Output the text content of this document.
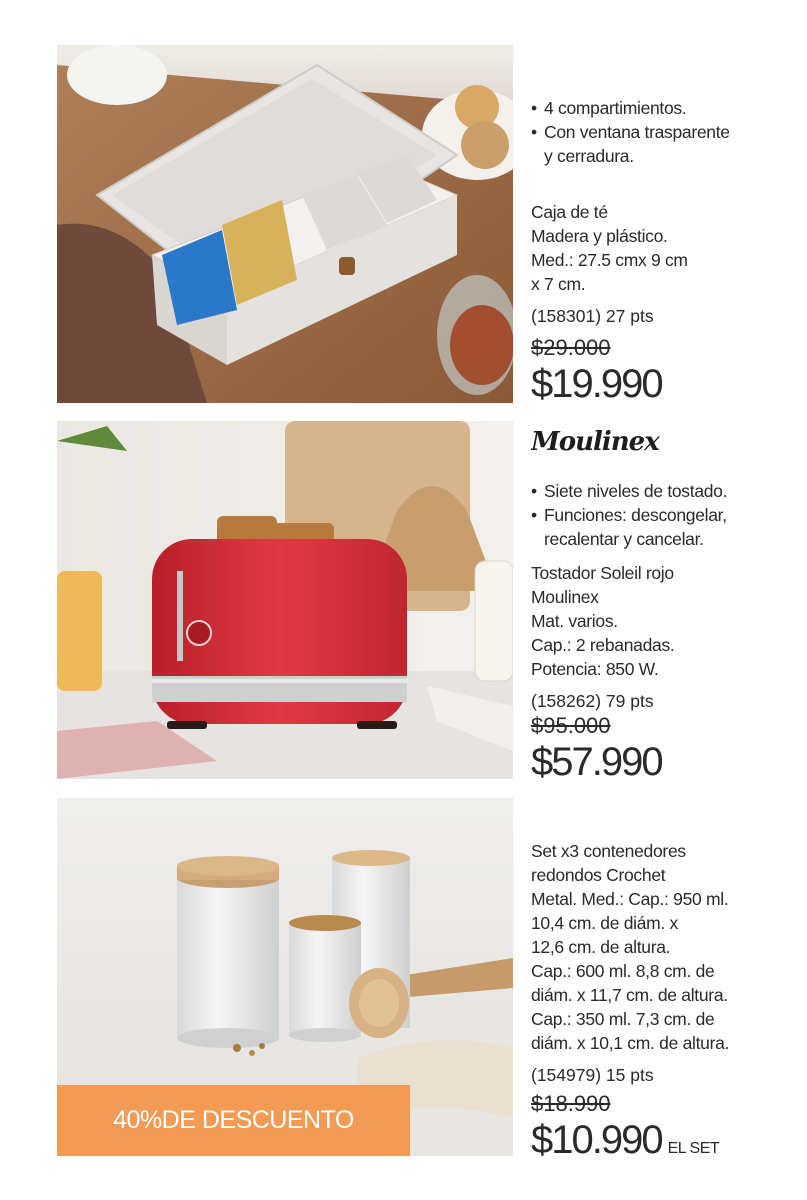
• 4 compartimientos.
• Con ventana trasparente
y cerradura.
Caja de té
Madera y plástico.
Med.: 27.5 cmx 9 cm
x 7 cm.
(158301) 27 pts
$29.000
$19.990
Moulinex
• Siete niveles de tostado.
• Funciones: descongelar,
recalentar y cancelar.
Tostador Soleil rojo
Moulinex
Mat. varios.
Cap.: 2 rebanadas.
Potencia: 850 W.
(158262) 79 pts
$95.000
$57.990
40%DE DESCUENTO
Set x3 contenedores
redondos Crochet
Metal. Med.: Cap.: 950 ml.
10,4 cm. de diám. x
12,6 cm. de altura.
Cap.: 600 ml. 8,8 cm. de
diám. x 11,7 cm. de altura.
Cap.: 350 ml. 7,3 cm. de
diám. x 10,1 cm. de altura.
(154979) 15 pts
$18.990
$10.990 EL SET
